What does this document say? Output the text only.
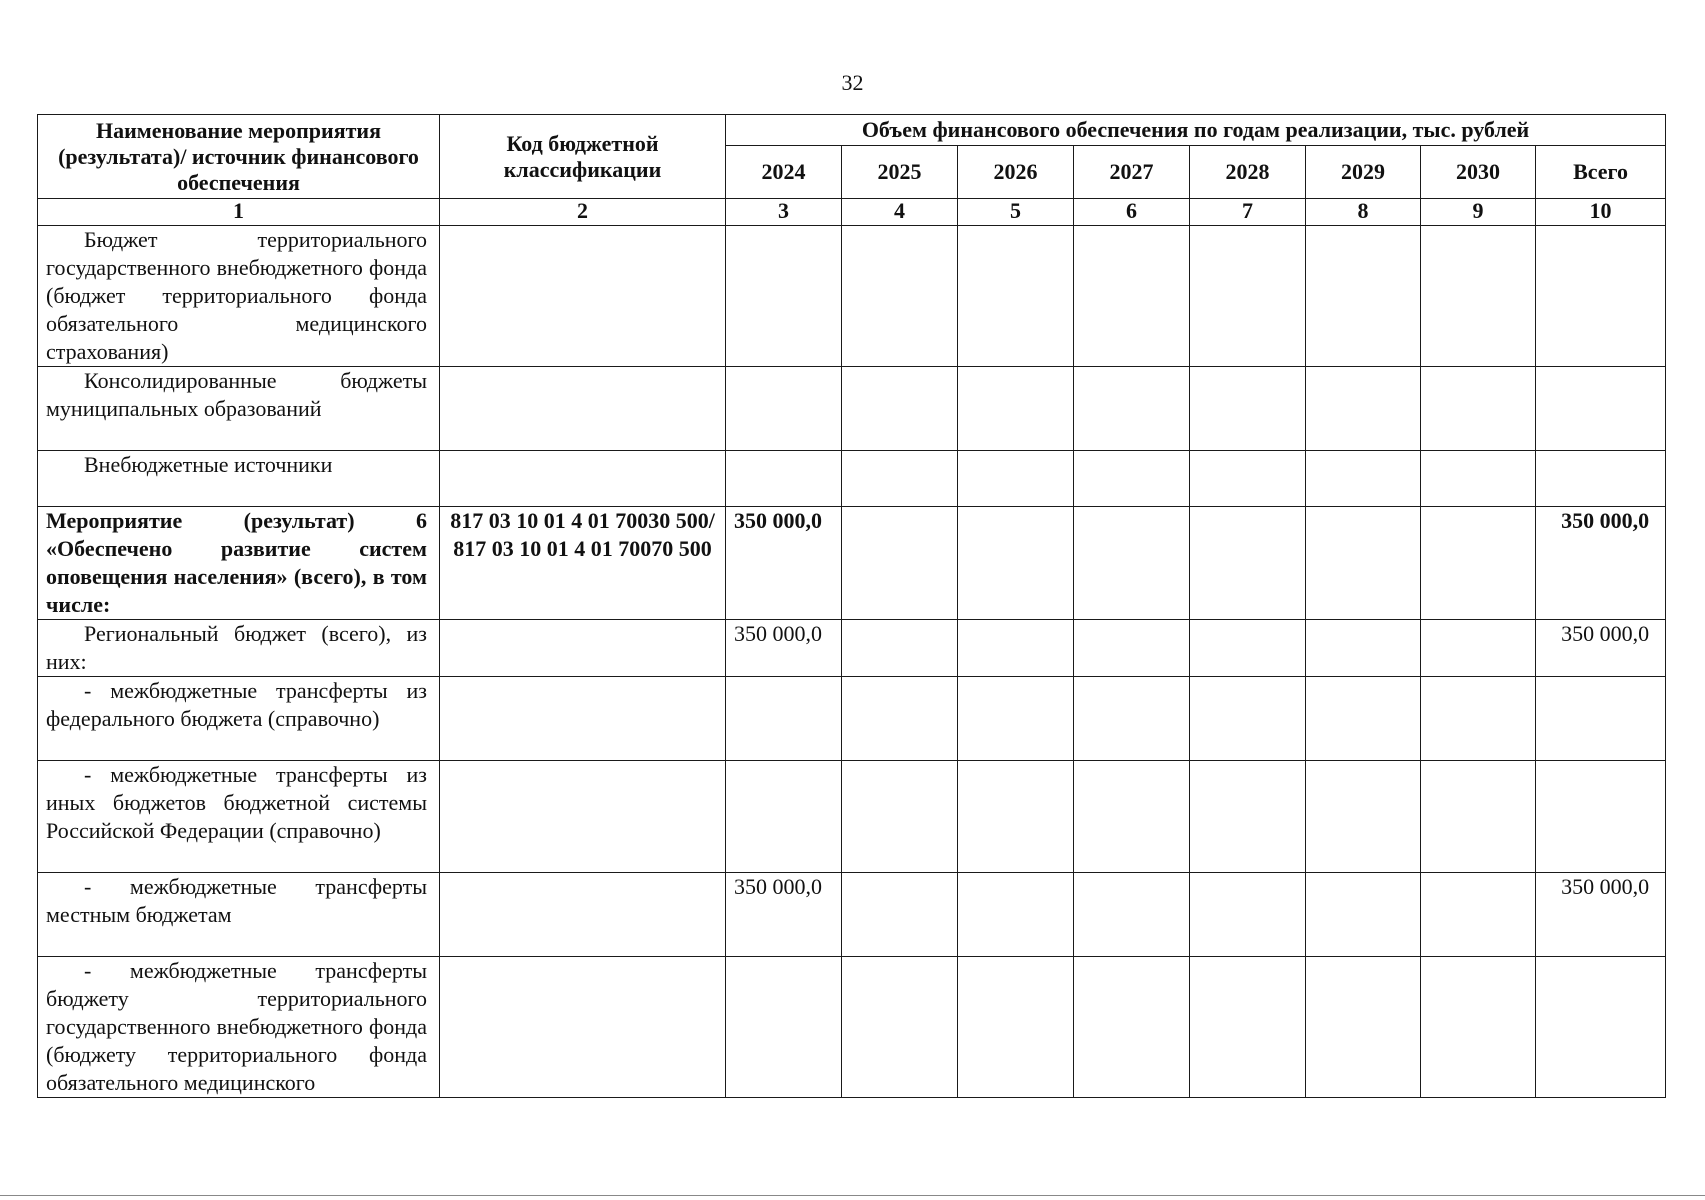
32
Наименование мероприятия (результата)/ источник финансового обеспечения	Код бюджетной классификации	Объем финансового обеспечения по годам реализации, тыс. рублей							
		2024	2025	2026	2027	2028	2029	2030	Всего
1	2	3	4	5	6	7	8	9	10
Бюджет территориального государственного внебюджетного фонда (бюджет территориального фонда обязательного медицинского страхования)									
Консолидированные бюджеты муниципальных образований									
Внебюджетные источники									
Мероприятие (результат) 6 «Обеспечено развитие систем оповещения населения» (всего), в том числе:	817 03 10 01 4 01 70030 500/ 817 03 10 01 4 01 70070 500	350 000,0							350 000,0
Региональный бюджет (всего), из них:		350 000,0							350 000,0
- межбюджетные трансферты из федерального бюджета (справочно)									
- межбюджетные трансферты из иных бюджетов бюджетной системы Российской Федерации (справочно)									
- межбюджетные трансферты местным бюджетам		350 000,0							350 000,0
- межбюджетные трансферты бюджету территориального государственного внебюджетного фонда (бюджету территориального фонда обязательного медицинского									
